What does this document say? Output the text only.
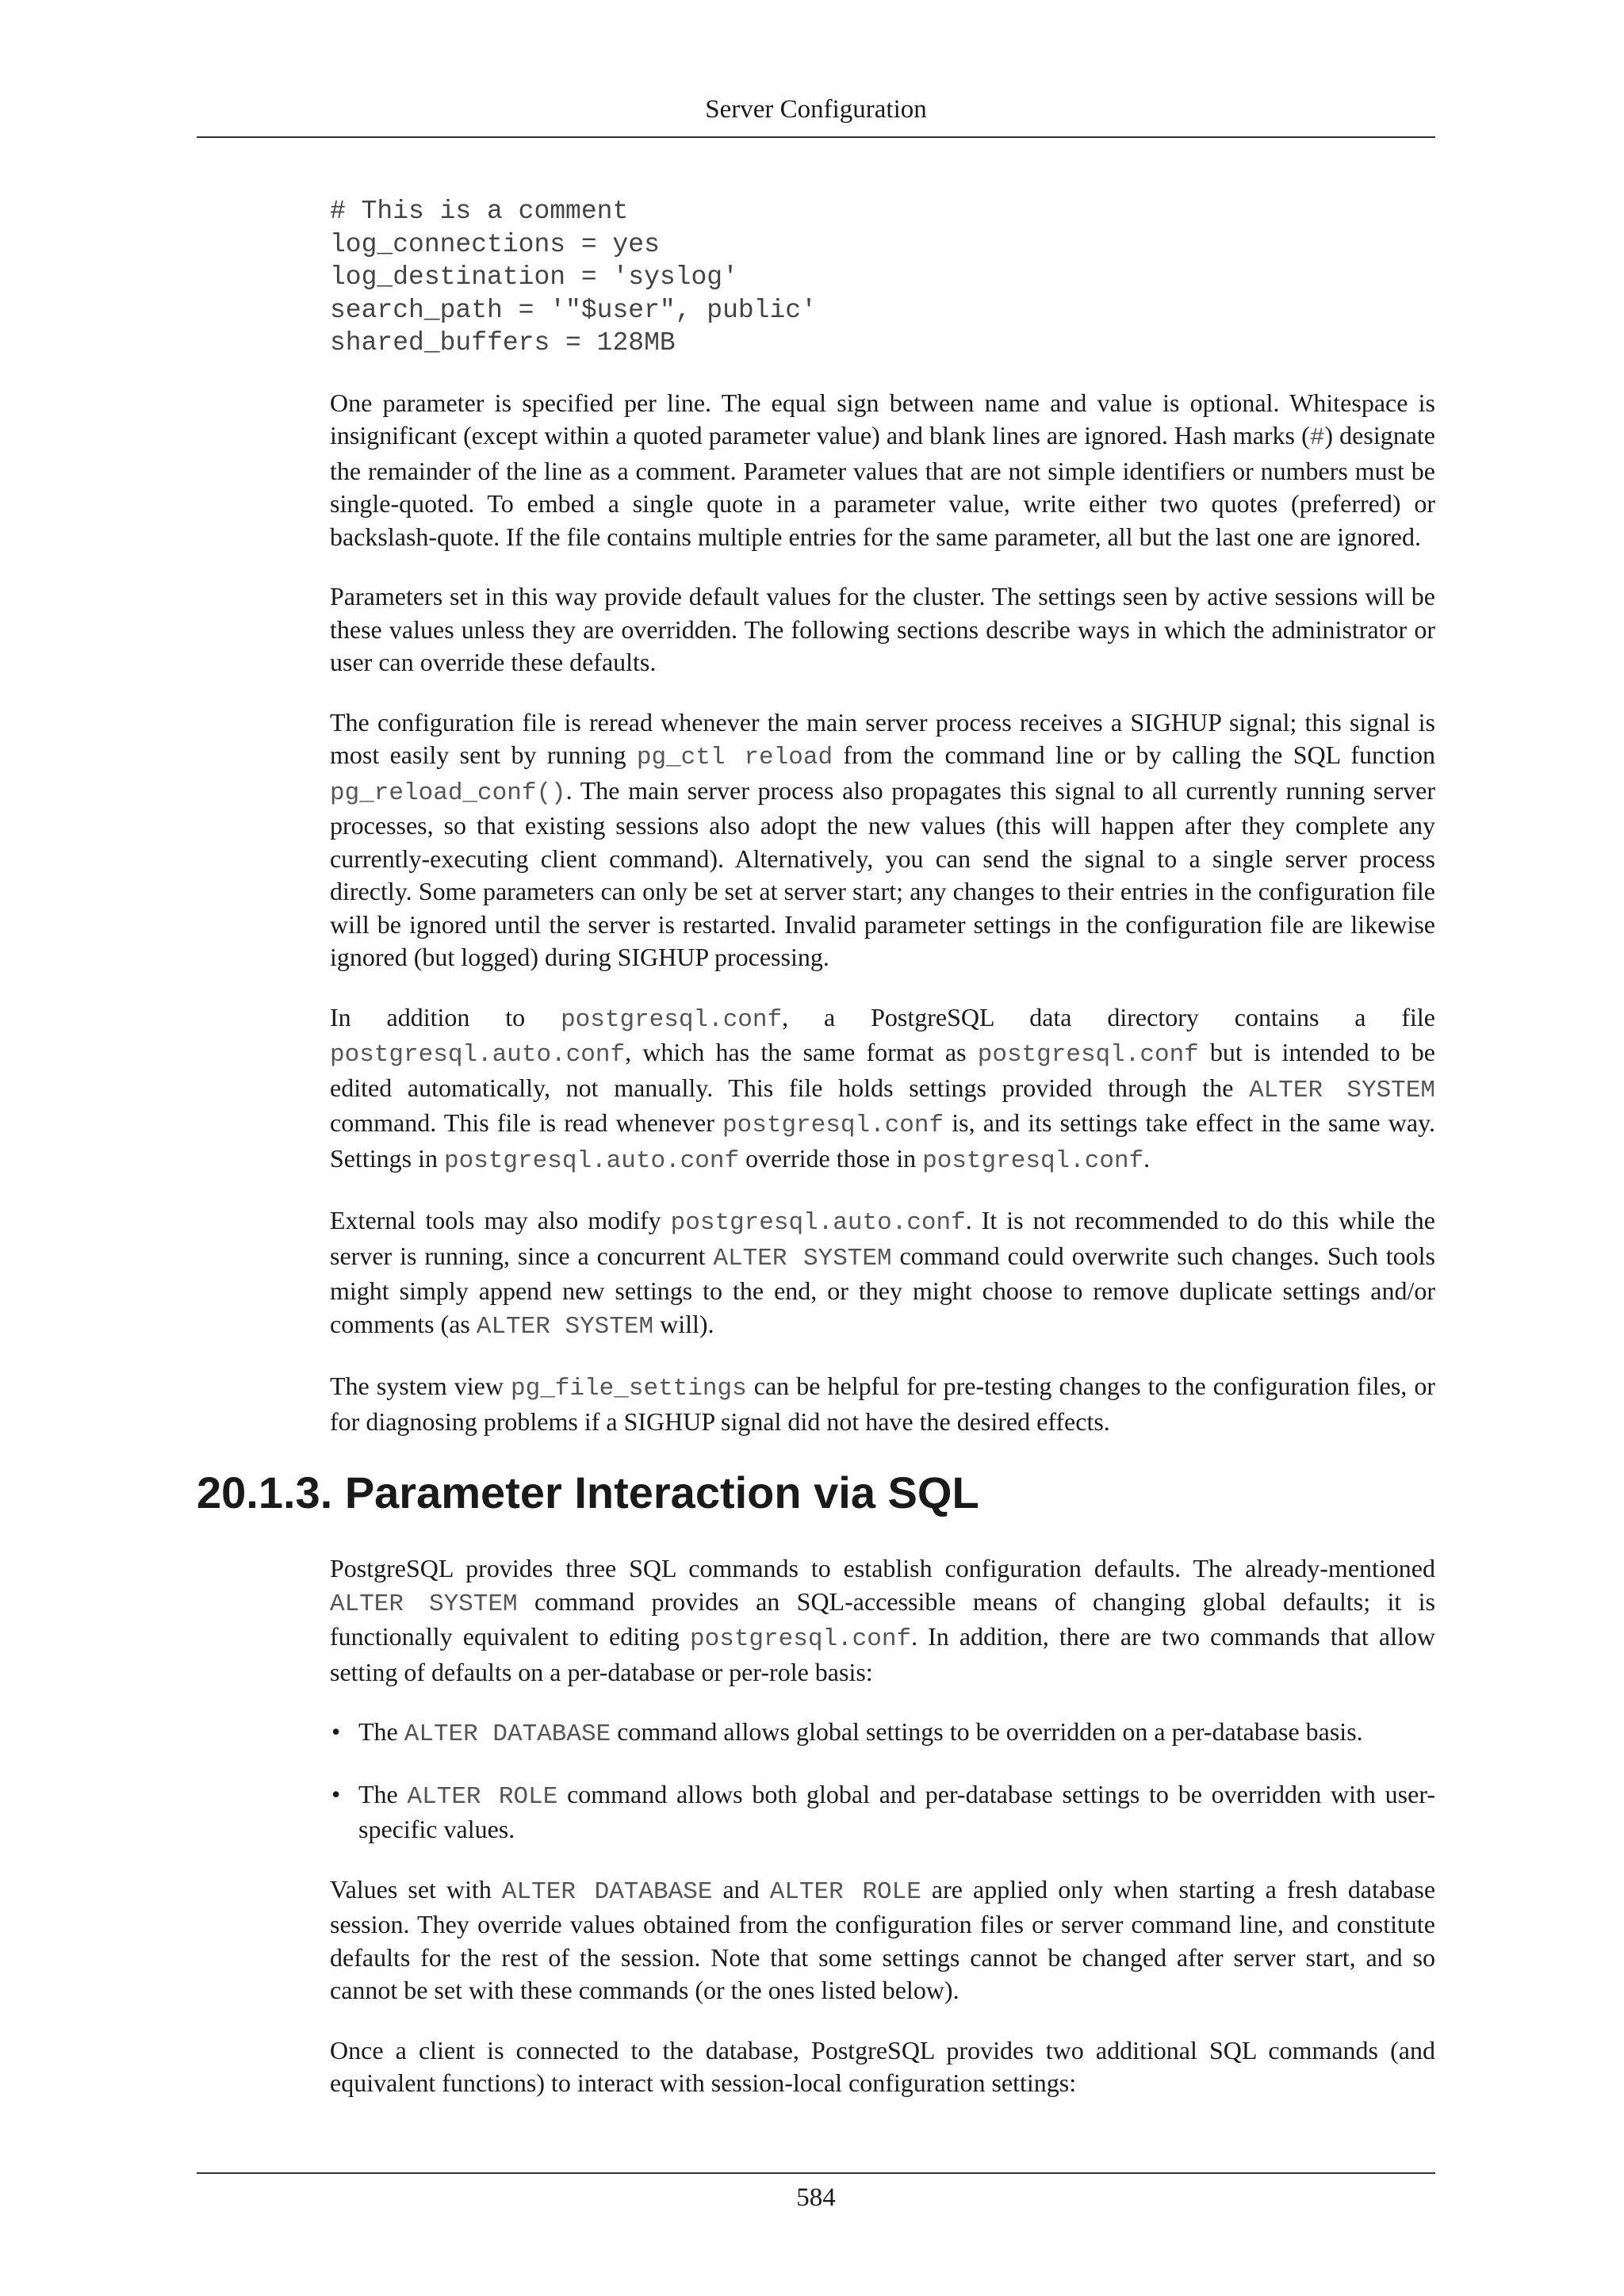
Server Configuration
# This is a comment
log_connections = yes
log_destination = 'syslog'
search_path = '"$user", public'
shared_buffers = 128MB

One parameter is specified per line. The equal sign between name and value is optional. Whitespace is insignificant (except within a quoted parameter value) and blank lines are ignored. Hash marks (#) designate the remainder of the line as a comment. Parameter values that are not simple identifiers or numbers must be single-quoted. To embed a single quote in a parameter value, write either two quotes (preferred) or backslash-quote. If the file contains multiple entries for the same parameter, all but the last one are ignored.

Parameters set in this way provide default values for the cluster. The settings seen by active sessions will be these values unless they are overridden. The following sections describe ways in which the administrator or user can override these defaults.

The configuration file is reread whenever the main server process receives a SIGHUP signal; this signal is most easily sent by running pg_ctl reload from the command line or by calling the SQL function pg_reload_conf(). The main server process also propagates this signal to all currently running server processes, so that existing sessions also adopt the new values (this will happen after they complete any currently-executing client command). Alternatively, you can send the signal to a single server process directly. Some parameters can only be set at server start; any changes to their entries in the configuration file will be ignored until the server is restarted. Invalid parameter settings in the configuration file are likewise ignored (but logged) during SIGHUP processing.

In addition to postgresql.conf, a PostgreSQL data directory contains a file postgresql.auto.conf, which has the same format as postgresql.conf but is intended to be edited automatically, not manually. This file holds settings provided through the ALTER SYSTEM command. This file is read whenever postgresql.conf is, and its settings take effect in the same way. Settings in postgresql.auto.conf override those in postgresql.conf.

External tools may also modify postgresql.auto.conf. It is not recommended to do this while the server is running, since a concurrent ALTER SYSTEM command could overwrite such changes. Such tools might simply append new settings to the end, or they might choose to remove duplicate settings and/or comments (as ALTER SYSTEM will).

The system view pg_file_settings can be helpful for pre-testing changes to the configuration files, or for diagnosing problems if a SIGHUP signal did not have the desired effects.

20.1.3. Parameter Interaction via SQL

PostgreSQL provides three SQL commands to establish configuration defaults. The already-mentioned ALTER SYSTEM command provides an SQL-accessible means of changing global defaults; it is functionally equivalent to editing postgresql.conf. In addition, there are two commands that allow setting of defaults on a per-database or per-role basis:

• The ALTER DATABASE command allows global settings to be overridden on a per-database basis.
• The ALTER ROLE command allows both global and per-database settings to be overridden with user-specific values.

Values set with ALTER DATABASE and ALTER ROLE are applied only when starting a fresh database session. They override values obtained from the configuration files or server command line, and constitute defaults for the rest of the session. Note that some settings cannot be changed after server start, and so cannot be set with these commands (or the ones listed below).

Once a client is connected to the database, PostgreSQL provides two additional SQL commands (and equivalent functions) to interact with session-local configuration settings:

584
